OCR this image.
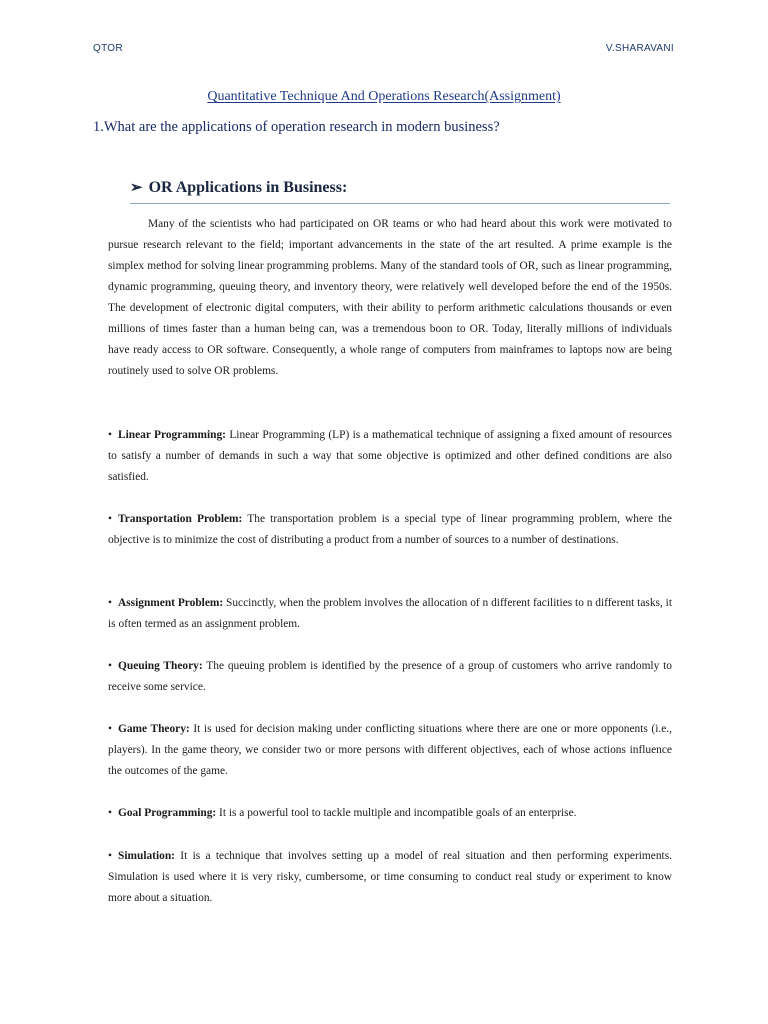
QTOR	V.SHARAVANI
Quantitative Technique And Operations Research(Assignment)
1.What are the applications of operation research in modern business?
➢ OR Applications in Business:
Many of the scientists who had participated on OR teams or who had heard about this work were motivated to pursue research relevant to the field; important advancements in the state of the art resulted. A prime example is the simplex method for solving linear programming problems. Many of the standard tools of OR, such as linear programming, dynamic programming, queuing theory, and inventory theory, were relatively well developed before the end of the 1950s. The development of electronic digital computers, with their ability to perform arithmetic calculations thousands or even millions of times faster than a human being can, was a tremendous boon to OR. Today, literally millions of individuals have ready access to OR software. Consequently, a whole range of computers from mainframes to laptops now are being routinely used to solve OR problems.
• Linear Programming: Linear Programming (LP) is a mathematical technique of assigning a fixed amount of resources to satisfy a number of demands in such a way that some objective is optimized and other defined conditions are also satisfied.
• Transportation Problem: The transportation problem is a special type of linear programming problem, where the objective is to minimize the cost of distributing a product from a number of sources to a number of destinations.
• Assignment Problem: Succinctly, when the problem involves the allocation of n different facilities to n different tasks, it is often termed as an assignment problem.
• Queuing Theory: The queuing problem is identified by the presence of a group of customers who arrive randomly to receive some service.
• Game Theory: It is used for decision making under conflicting situations where there are one or more opponents (i.e., players). In the game theory, we consider two or more persons with different objectives, each of whose actions influence the outcomes of the game.
• Goal Programming: It is a powerful tool to tackle multiple and incompatible goals of an enterprise.
• Simulation: It is a technique that involves setting up a model of real situation and then performing experiments. Simulation is used where it is very risky, cumbersome, or time consuming to conduct real study or experiment to know more about a situation.
